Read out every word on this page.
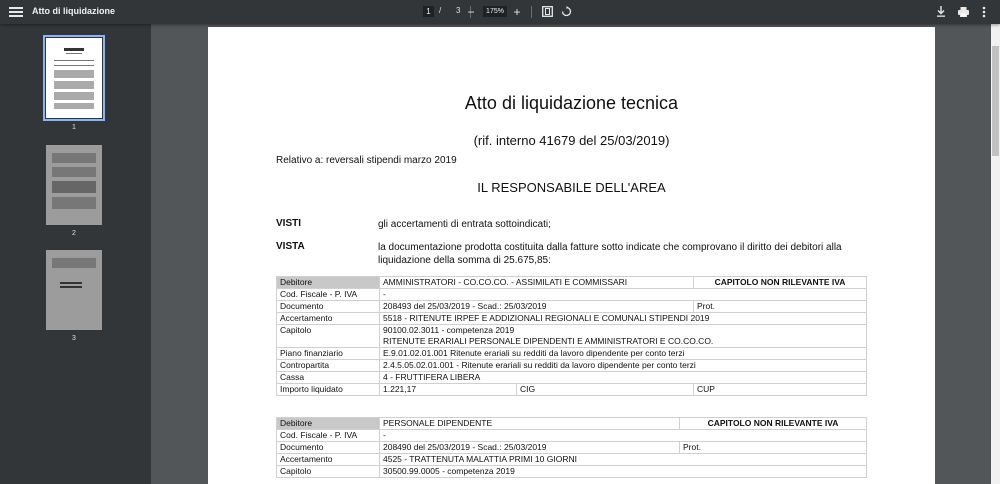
Atto di liquidazione	1	/ 3 −	175% +
1
2
3
Atto di liquidazione tecnica
(rif. interno 41679 del 25/03/2019)
Relativo a: reversali stipendi marzo 2019
IL RESPONSABILE DELL'AREA
VISTI	gli accertamenti di entrata sottoindicati;
VISTA	la documentazione prodotta costituita dalla fatture sotto indicate che comprovano il diritto dei debitori alla liquidazione della somma di 25.675,85:
Debitore	AMMINISTRATORI - CO.CO.CO. - ASSIMILATI E COMMISSARI		CAPITOLO NON RILEVANTE IVA
Cod. Fiscale - P. IVA	-		
Documento	208493 del 25/03/2019 - Scad.: 25/03/2019		Prot.
Accertamento	5518 - RITENUTE IRPEF E ADDIZIONALI REGIONALI E COMUNALI STIPENDI 2019		
Capitolo	90100.02.3011 - competenza 2019
RITENUTE ERARIALI PERSONALE DIPENDENTI E AMMINISTRATORI E CO.CO.CO.		

Piano finanziario	E.9.01.02.01.001 Ritenute erariali su redditi da lavoro dipendente per conto terzi		
Contropartita	2.4.5.05.02.01.001 - Ritenute erariali su redditi da lavoro dipendente per conto terzi		
Cassa	4 - FRUTTIFERA LIBERA		
Importo liquidato	1.221,17	CIG	CUP
Debitore	PERSONALE DIPENDENTE	CAPITOLO NON RILEVANTE IVA
Cod. Fiscale - P. IVA	-	
Documento	208490 del 25/03/2019 - Scad.: 25/03/2019	Prot.
Accertamento	4525 - TRATTENUTA MALATTIA PRIMI 10 GIORNI	
Capitolo	30500.99.0005 - competenza 2019	
